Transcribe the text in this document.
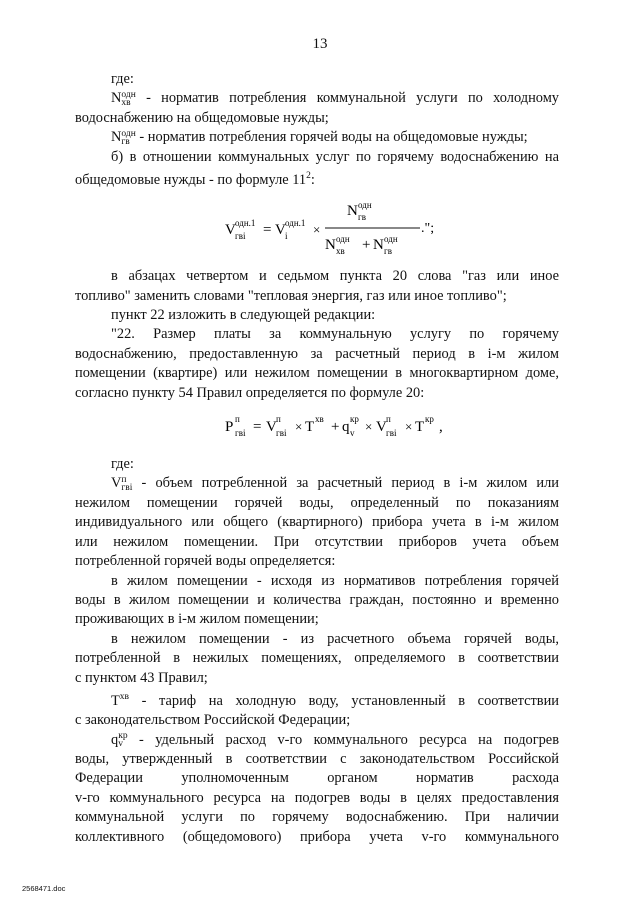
13

где:

N одн
хв - норматив потребления коммунальной услуги по холодному

водоснабжению на общедомовые нужды;

N одн
гв - норматив потребления горячей воды на общедомовые нужды;

б) в отношении коммунальных услуг по горячему водоснабжению на

общедомовые нужды - по формуле $11^2$:

V одн.1
гві = V одн.1
i ×
N одн
гв
N одн
хв + N одн
гв
.";

в абзацах четвертом и седьмом пункта 20 слова "газ или иное

топливо" заменить словами "тепловая энергия, газ или иное топливо";

пункт 22 изложить в следующей редакции:

"22. Размер платы за коммунальную услугу по горячему

водоснабжению, предоставленную за расчетный период в i-м жилом

помещении (квартире) или нежилом помещении в многоквартирном доме,

согласно пункту 54 Правил определяется по формуле 20:

P п
гві = V п
гві × T хв + q кр
v × V п
гві × T кр ,

где:

V п
гві - объем потребленной за расчетный период в i-м жилом или

нежилом помещении горячей воды, определенный по показаниям

индивидуального или общего (квартирного) прибора учета в i-м жилом

или нежилом помещении. При отсутствии приборов учета объем

потребленной горячей воды определяется:

в жилом помещении - исходя из нормативов потребления горячей

воды в жилом помещении и количества граждан, постоянно и временно

проживающих в i-м жилом помещении;

в нежилом помещении - из расчетного объема горячей воды,

потребленной в нежилых помещениях, определяемого в соответствии

с пунктом 43 Правил;

$T^{хв}$ - тариф на холодную воду, установленный в соответствии

с законодательством Российской Федерации;

q кр
v - удельный расход v-го коммунального ресурса на подогрев

воды, утвержденный в соответствии с законодательством Российской

Федерации уполномоченным органом норматив расхода

v-го коммунального ресурса на подогрев воды в целях предоставления

коммунальной услуги по горячему водоснабжению. При наличии

коллективного (общедомового) прибора учета v-го коммунального

2568471.doc
